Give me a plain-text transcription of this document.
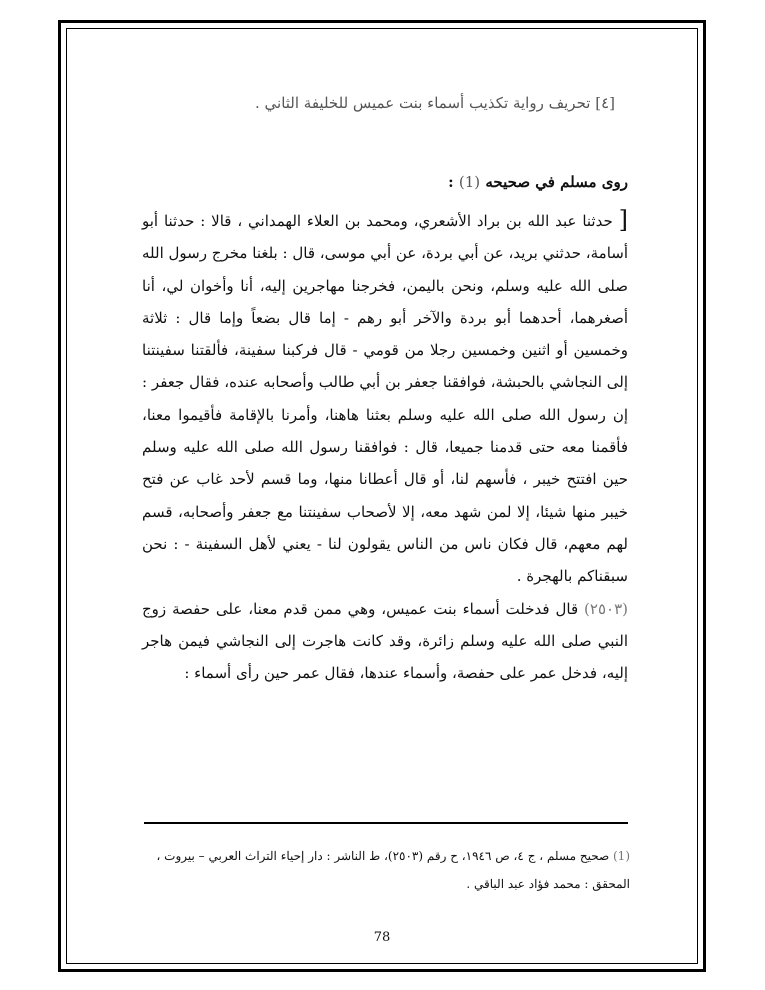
[٤] تحريف رواية تكذيب أسماء بنت عميس للخليفة الثاني .

روى مسلم في صحيحه (1) :

[ حدثنا عبد الله بن براد الأشعري، ومحمد بن العلاء الهمداني ، قالا : حدثنا أبو أسامة، حدثني بريد، عن أبي بردة، عن أبي موسى، قال : بلغنا مخرج رسول الله صلى الله عليه وسلم، ونحن باليمن، فخرجنا مهاجرين إليه، أنا وأخوان لي، أنا أصغرهما، أحدهما أبو بردة والآخر أبو رهم - إما قال بضعاً وإما قال : ثلاثة وخمسين أو اثنين وخمسين رجلا من قومي - قال فركبنا سفينة، فألقتنا سفينتنا إلى النجاشي بالحبشة، فوافقنا جعفر بن أبي طالب وأصحابه عنده، فقال جعفر : إن رسول الله صلى الله عليه وسلم بعثنا هاهنا، وأمرنا بالإقامة فأقيموا معنا، فأقمنا معه حتى قدمنا جميعا، قال : فوافقنا رسول الله صلى الله عليه وسلم حين افتتح خيبر ، فأسهم لنا، أو قال أعطانا منها، وما قسم لأحد غاب عن فتح خيبر منها شيئا، إلا لمن شهد معه، إلا لأصحاب سفينتنا مع جعفر وأصحابه، قسم لهم معهم، قال فكان ناس من الناس يقولون لنا - يعني لأهل السفينة - : نحن سبقناكم بالهجرة .

(٢٥٠٣) قال فدخلت أسماء بنت عميس، وهي ممن قدم معنا، على حفصة زوج النبي صلى الله عليه وسلم زائرة، وقد كانت هاجرت إلى النجاشي فيمن هاجر إليه، فدخل عمر على حفصة، وأسماء عندها، فقال عمر حين رأى أسماء :

(1) صحيح مسلم ، ج ٤، ص ١٩٤٦، ح رقم (٢٥٠٣)، ط الناشر : دار إحياء التراث العربي – بيروت ،
المحقق : محمد فؤاد عبد الباقي .
78
